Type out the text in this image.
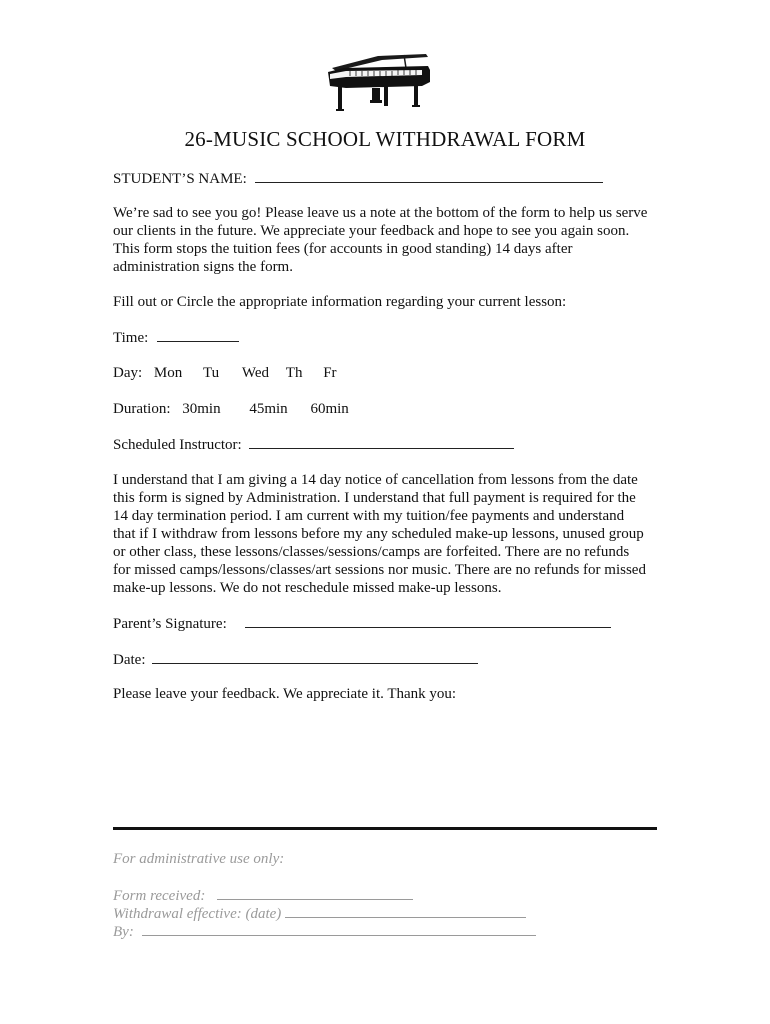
26-MUSIC SCHOOL WITHDRAWAL FORM
STUDENT’S NAME:
We’re sad to see you go! Please leave us a note at the bottom of the form to help us serve
our clients in the future. We appreciate your feedback and hope to see you again soon.
This form stops the tuition fees (for accounts in good standing) 14 days after
administration signs the form.
Fill out or Circle the appropriate information regarding your current lesson:
Time:
Day: Mon Tu Wed Th Fr
Duration: 30min 45min 60min
Scheduled Instructor:
I understand that I am giving a 14 day notice of cancellation from lessons from the date
this form is signed by Administration. I understand that full payment is required for the
14 day termination period. I am current with my tuition/fee payments and understand
that if I withdraw from lessons before my any scheduled make-up lessons, unused group
or other class, these lessons/classes/sessions/camps are forfeited. There are no refunds
for missed camps/lessons/classes/art sessions nor music. There are no refunds for missed
make-up lessons. We do not reschedule missed make-up lessons.
Parent’s Signature:
Date:
Please leave your feedback. We appreciate it. Thank you:
For administrative use only:
Form received:
Withdrawal effective: (date)
By:
